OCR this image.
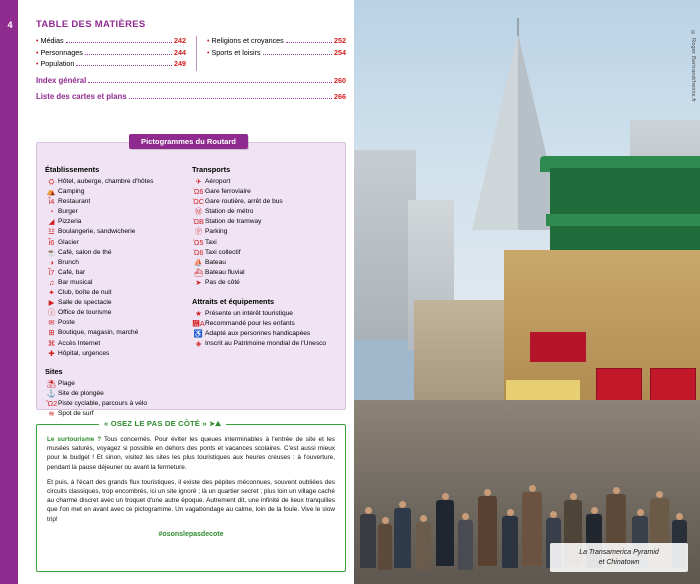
4	TABLE DES MATIÈRES
• Médias	242
• Personnages	244
• Population	249
• Religions et croyances	252
• Sports et loisirs	254
Index général	260
Liste des cartes et plans	266
Pictogrammes du Routard
Établissements
⛭ Hôtel, auberge, chambre d'hôtes
⛺ Camping
ἷ4 Restaurant
◔ Burger
◢ Pizzeria
☳ Boulangerie, sandwicherie
ἶ6 Glacier
☕ Café, salon de thé
◑ Brunch
ἷ7 Café, bar
♫ Bar musical
✦ Club, boîte de nuit
▶ Salle de spectacle
ⓘ Office de tourisme
✉ Poste
⊞ Boutique, magasin, marché
⌘ Accès Internet
✚ Hôpital, urgences
Sites
⛱ Plage
⚓ Site de plongée
Ὣ2 Piste cyclable, parcours à vélo
≋ Spot de surf
Transports
✈ Aéroport
Ὠ6 Gare ferroviaire
ὨC Gare routière, arrêt de bus
Ⓜ Station de métro
ὨB Station de tramway
Ⓟ Parking
Ὡ5 Taxi
Ὡ6 Taxi collectif
⛵ Bateau
⛴ Bateau fluvial
➤ Pas de côté
Attraits et équipements
★ Présente un intérêt touristique
὆A Recommandé pour les enfants
♿ Adapté aux personnes handicapées
◈ Inscrit au Patrimoine mondial de l'Unesco
« OSEZ LE PAS DE CÔTÉ » ➤⛰

Le surtourisme ? Tous concernés. Pour éviter les queues interminables à l'entrée de site et les musées saturés, voyagez si possible en dehors des ponts et vacances scolaires. C'est aussi mieux pour le budget ! Et sinon, visitez les sites les plus touristiques aux heures creuses : à l'ouverture, pendant la pause déjeuner ou avant la fermeture.

Et puis, à l'écart des grands flux touristiques, il existe des pépites méconnues, souvent oubliées des circuits classiques, trop encombrés, ici un site ignoré ; là un quartier secret ; plus loin un village caché au charme discret avec un troquet d'une autre époque. Autrement dit, une infinité de lieux tranquilles que l'on met en avant avec ce pictogramme. Un vagabondage au calme, loin de la foule. Vive le slow trip!

#osonslepasdecote
© Roger Bertrand/hemis.fr
La Transamerica Pyramid
et Chinatown
